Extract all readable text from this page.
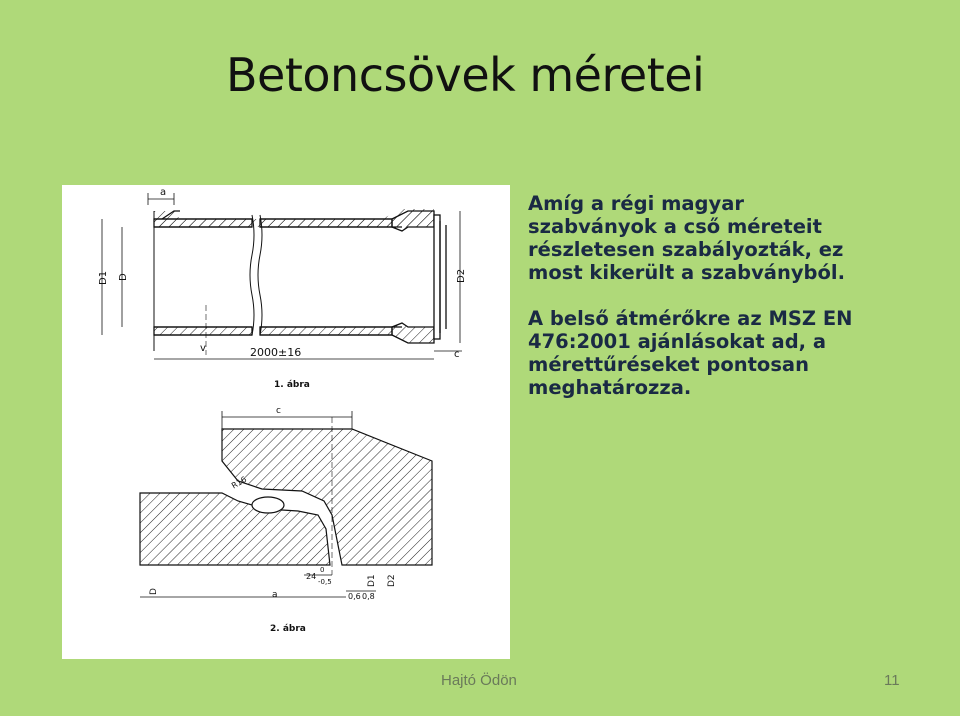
Betoncsövek méretei
a
D1 D	D2
v	2000±16	c
1. ábra
c
R16
24
-0,5
0
D
D1 D2
a	0,6 0,8
2. ábra

Amíg a régi magyar
szabványok a cső méreteit
részletesen szabályozták, ez
most kikerült a szabványból.

A belső átmérőkre az MSZ EN
476:2001 ajánlásokat ad, a
mérettűréseket pontosan
meghatározza.

Hajtó Ödön	11
